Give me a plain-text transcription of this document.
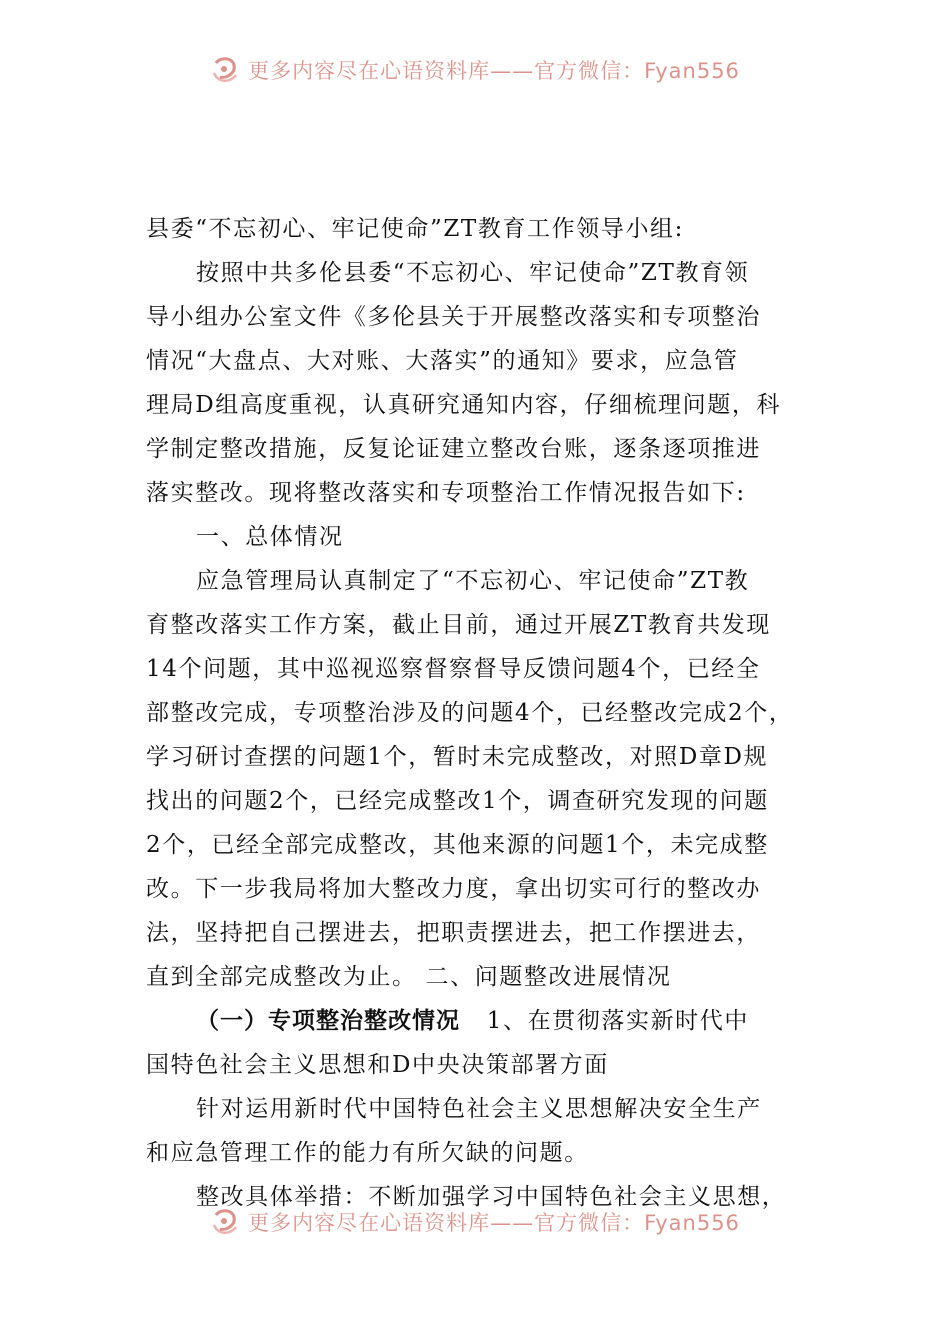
更多内容尽在心语资料库——官方微信：Fyan556
县委“不忘初心、牢记使命”ZT教育工作领导小组:
按照中共多伦县委“不忘初心、牢记使命”ZT教育领
导小组办公室文件《多伦县关于开展整改落实和专项整治
情况“大盘点、大对账、大落实”的通知》要求，应急管
理局D组高度重视，认真研究通知内容，仔细梳理问题，科
学制定整改措施，反复论证建立整改台账，逐条逐项推进
落实整改。现将整改落实和专项整治工作情况报告如下:
一、总体情况
应急管理局认真制定了“不忘初心、牢记使命”ZT教
育整改落实工作方案，截止目前，通过开展ZT教育共发现
14个问题，其中巡视巡察督察督导反馈问题4个，已经全
部整改完成，专项整治涉及的问题4个，已经整改完成2个，
学习研讨查摆的问题1个，暂时未完成整改，对照D章D规
找出的问题2个，已经完成整改1个，调查研究发现的问题
2个，已经全部完成整改，其他来源的问题1个，未完成整
改。下一步我局将加大整改力度，拿出切实可行的整改办
法，坚持把自己摆进去，把职责摆进去，把工作摆进去，
直到全部完成整改为止。 二、问题整改进展情况
（一）专项整治整改情况   1、在贯彻落实新时代中
国特色社会主义思想和D中央决策部署方面
针对运用新时代中国特色社会主义思想解决安全生产
和应急管理工作的能力有所欠缺的问题。
整改具体举措：不断加强学习中国特色社会主义思想，
更多内容尽在心语资料库——官方微信：Fyan556
